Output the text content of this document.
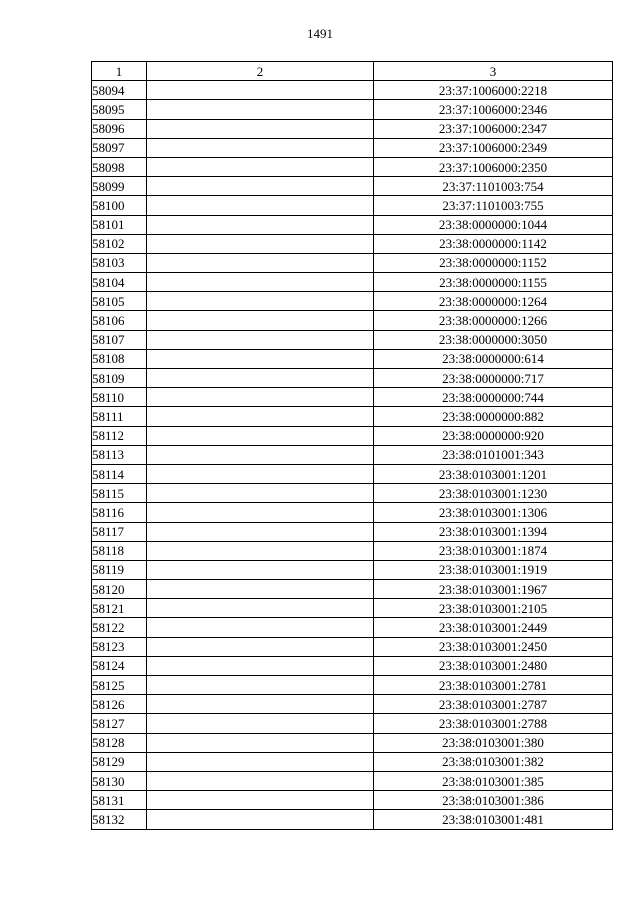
1491
1	2	3
58094		23:37:1006000:2218
58095		23:37:1006000:2346
58096		23:37:1006000:2347
58097		23:37:1006000:2349
58098		23:37:1006000:2350
58099		23:37:1101003:754
58100		23:37:1101003:755
58101		23:38:0000000:1044
58102		23:38:0000000:1142
58103		23:38:0000000:1152
58104		23:38:0000000:1155
58105		23:38:0000000:1264
58106		23:38:0000000:1266
58107		23:38:0000000:3050
58108		23:38:0000000:614
58109		23:38:0000000:717
58110		23:38:0000000:744
58111		23:38:0000000:882
58112		23:38:0000000:920
58113		23:38:0101001:343
58114		23:38:0103001:1201
58115		23:38:0103001:1230
58116		23:38:0103001:1306
58117		23:38:0103001:1394
58118		23:38:0103001:1874
58119		23:38:0103001:1919
58120		23:38:0103001:1967
58121		23:38:0103001:2105
58122		23:38:0103001:2449
58123		23:38:0103001:2450
58124		23:38:0103001:2480
58125		23:38:0103001:2781
58126		23:38:0103001:2787
58127		23:38:0103001:2788
58128		23:38:0103001:380
58129		23:38:0103001:382
58130		23:38:0103001:385
58131		23:38:0103001:386
58132		23:38:0103001:481
